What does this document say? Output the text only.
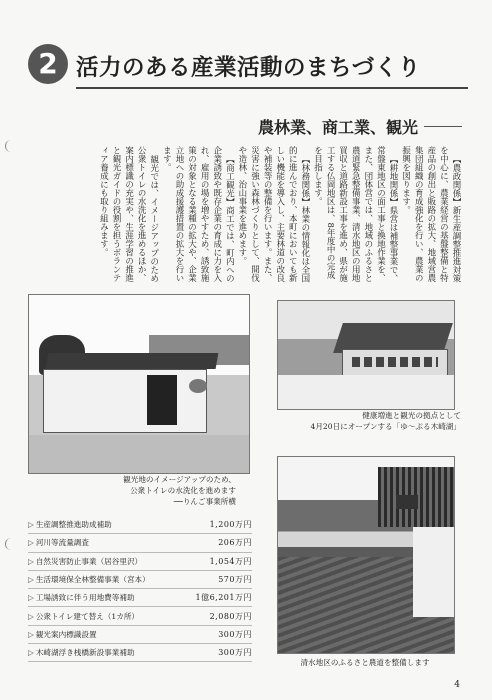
2 活力のある産業活動のまちづくり
農林業、商工業、観光

【農政関係】新生産調整推進対策を中心に、農業経営の基盤整備と特産品の創出と販路の拡大、地域営農集団組織の育成強化を行い、農業の振興を図ります。

【耕地関係】県営は補整事業で、常盤東地区の面工事と換地作業を、また、団体営では、地域のふるさと農道緊急整備事業、清水地区の用地買収と道路新設工事を進め、県が施工する仏岡地区は、8年度中の完成を目指します。

【林務関係】林業の情報化は全国的に進んでおり、本町においても新しい機能を導入し、主要林道の改良や補装等の整備を行います。また、災害に強い森林づくりとして、間伐や造林、治山事業を進めます。

【商工観光】商工では、町内への企業誘致や既存企業の育成に力を入れ、雇用の場を増やすため、誘致施策の対象となる業種の拡大や、企業立地への助成援護措置の拡大を行います。

観光では、イメージアップのため公衆トイレの水洗化を進めるほか、案内標識の充実や、生涯学習の推進と観光ガイドの役割を担うボランティア養成にも取り組みます。

観光地のイメージアップのため、
公衆トイレの水洗化を進めます
──りんご事業所横
健康増進と観光の拠点として
4月20日にオープンする「ゆ～ぷる木崎湖」
清水地区のふるさと農道を整備します
▷ 生産調整推進助成補助	1,200万円
▷ 河川等流量調査	206万円
▷ 自然災害防止事業（居谷里沢）	1,054万円
▷ 生活環境保全林整備事業（宮本）	570万円
▷ 工場誘致に伴う用地費等補助	1億6,201万円
▷ 公衆トイレ建て替え（1カ所）	2,080万円
▷ 観光案内標識設置	300万円
▷ 木崎湖浮き桟橋新設事業補助	300万円
4
